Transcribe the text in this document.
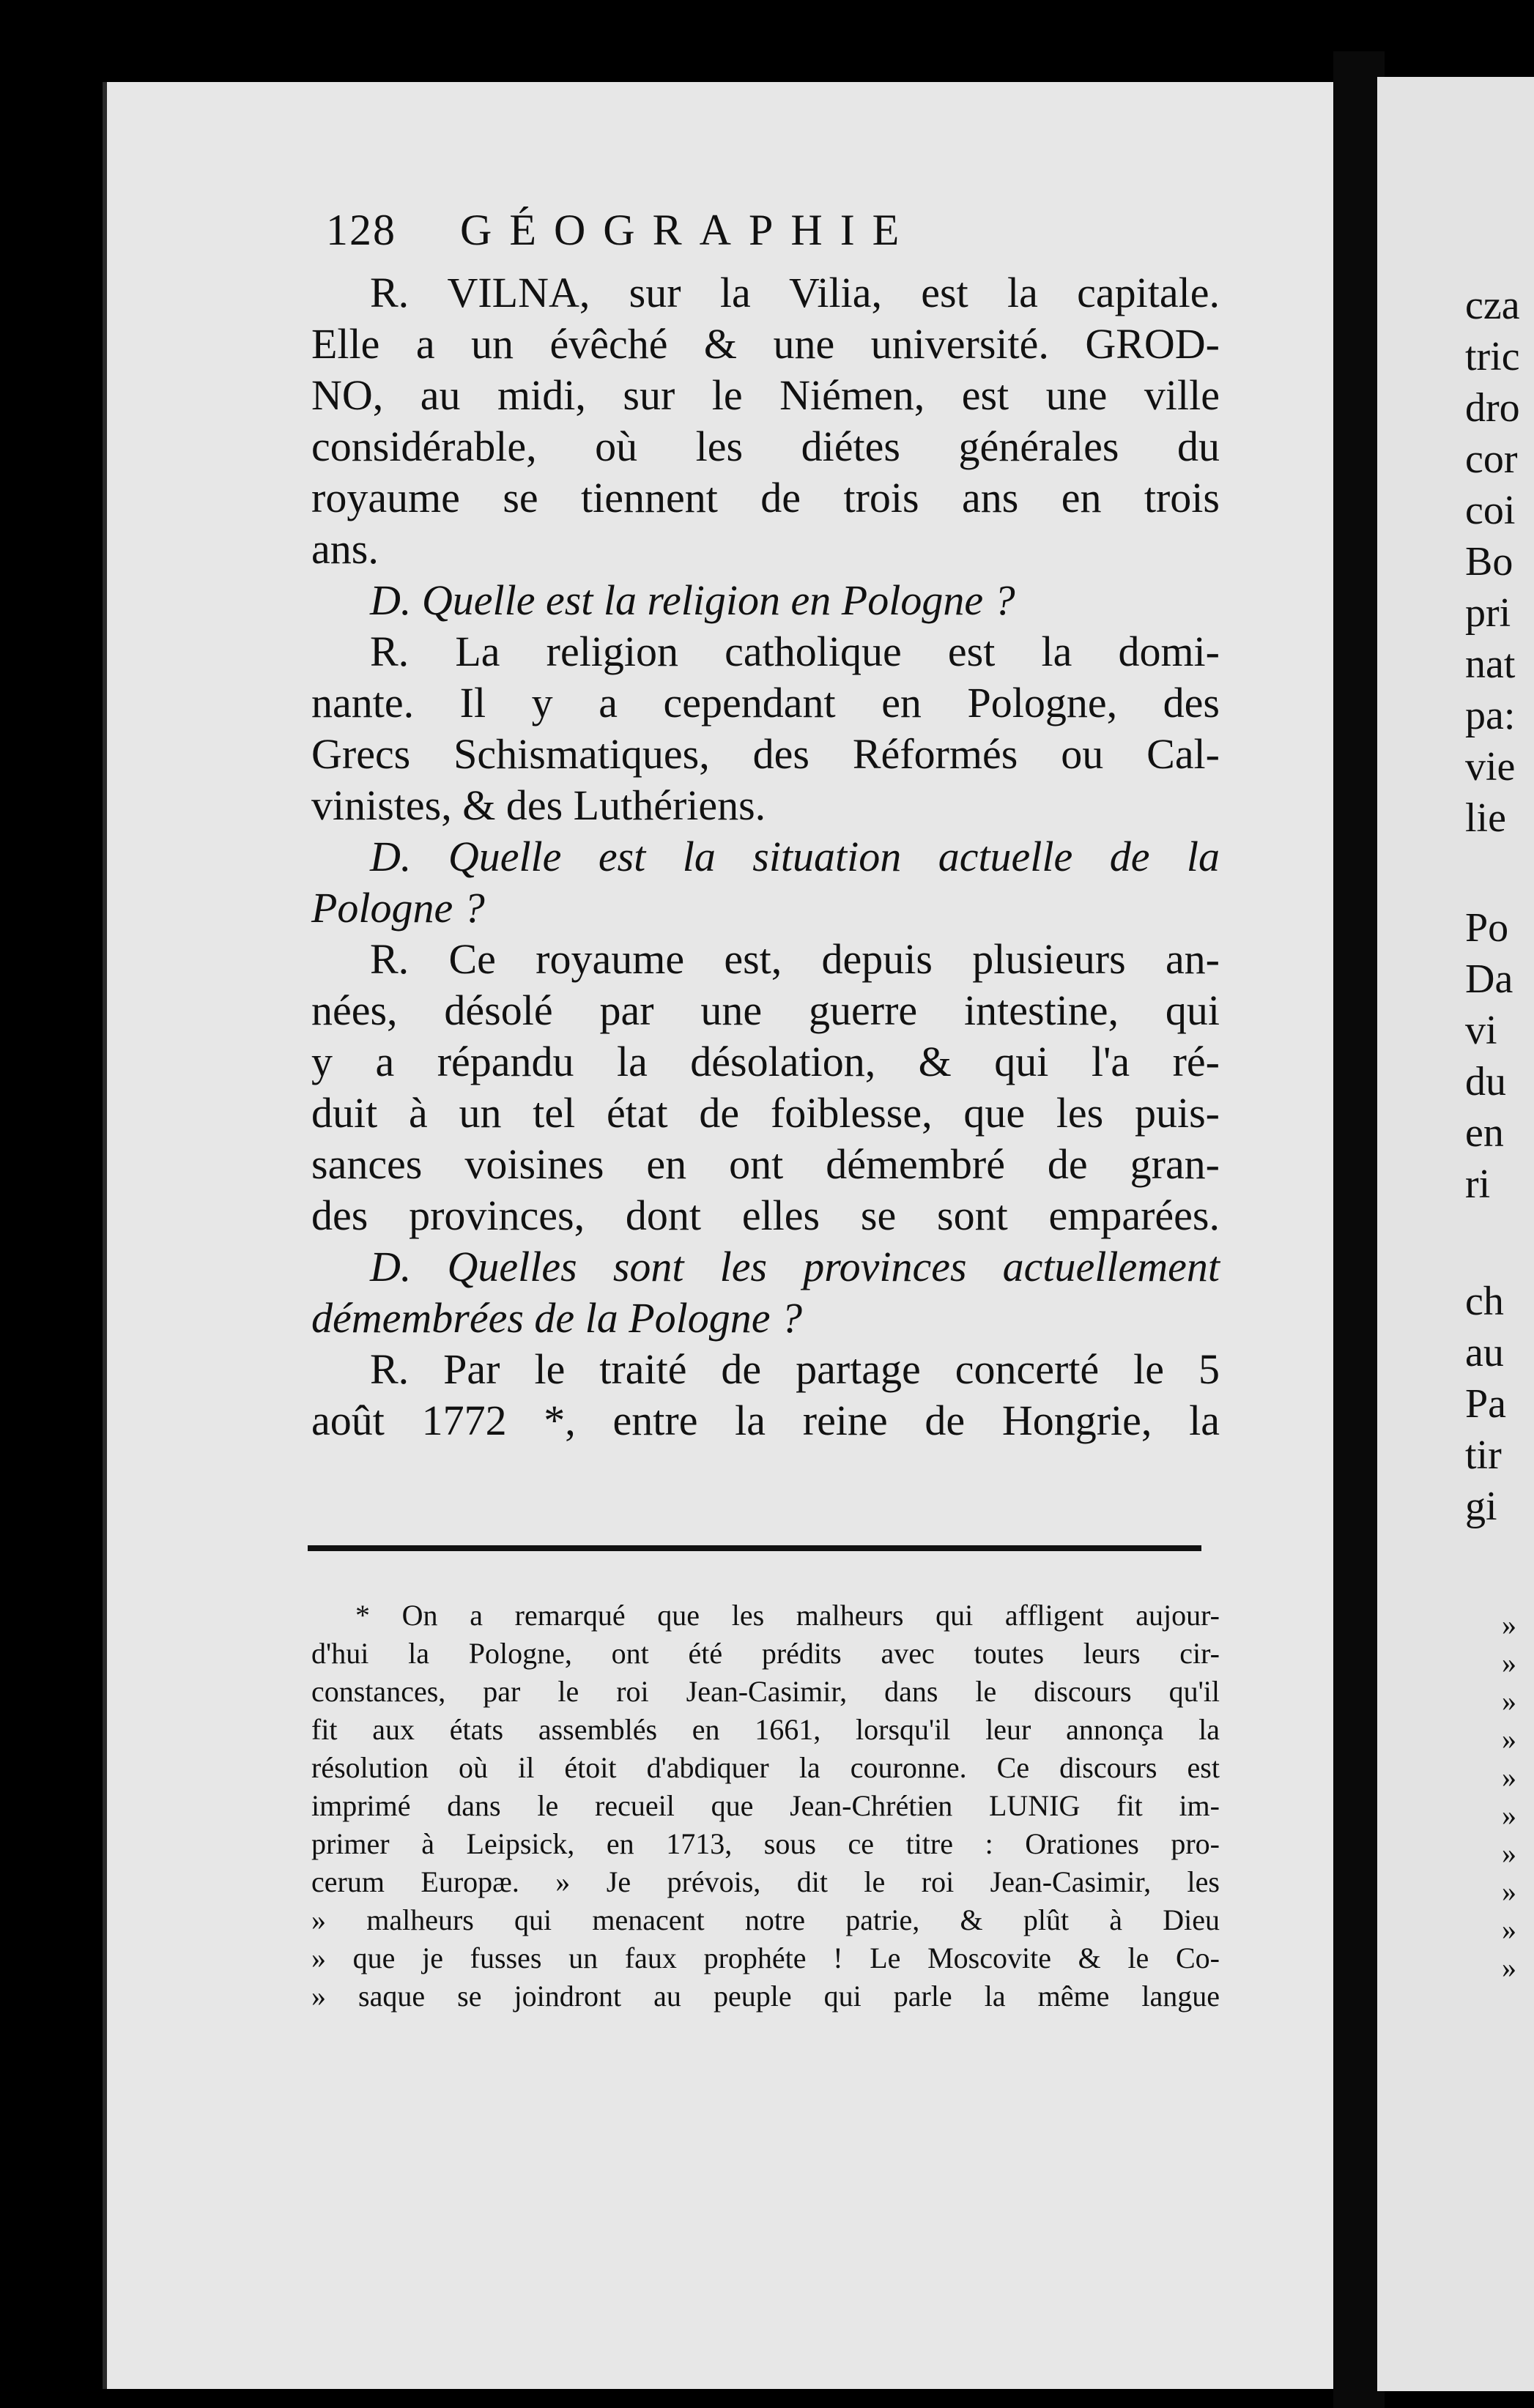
128 GÉOGRAPHIE
R. VILNA, sur la Vilia, est la capitale.
Elle a un évêché & une université. GROD-
NO, au midi, sur le Niémen, est une ville
considérable, où les diétes générales du
royaume se tiennent de trois ans en trois
ans.
D. Quelle est la religion en Pologne ?
R. La religion catholique est la domi-
nante. Il y a cependant en Pologne, des
Grecs Schismatiques, des Réformés ou Cal-
vinistes, & des Luthériens.
D. Quelle est la situation actuelle de la
Pologne ?
R. Ce royaume est, depuis plusieurs an-
nées, désolé par une guerre intestine, qui
y a répandu la désolation, & qui l'a ré-
duit à un tel état de foiblesse, que les puis-
sances voisines en ont démembré de gran-
des provinces, dont elles se sont emparées.
D. Quelles sont les provinces actuellement
démembrées de la Pologne ?
R. Par le traité de partage concerté le 5
août 1772 *, entre la reine de Hongrie, la
* On a remarqué que les malheurs qui affligent aujour-
d'hui la Pologne, ont été prédits avec toutes leurs cir-
constances, par le roi Jean-Casimir, dans le discours qu'il
fit aux états assemblés en 1661, lorsqu'il leur annonça la
résolution où il étoit d'abdiquer la couronne. Ce discours est
imprimé dans le recueil que Jean-Chrétien LUNIG fit im-
primer à Leipsick, en 1713, sous ce titre : Orationes pro-
cerum Europæ. » Je prévois, dit le roi Jean-Casimir, les
» malheurs qui menacent notre patrie, & plût à Dieu
» que je fusses un faux prophéte ! Le Moscovite & le Co-
» saque se joindront au peuple qui parle la même langue
cza
tric
dro
cor
coi
Bo
pri
nat
pa:
vie
lie
Po
Da
vi
du
en
ri
ch
au
Pa
tir
gi
»
»
»
»
»
»
»
»
»
»
